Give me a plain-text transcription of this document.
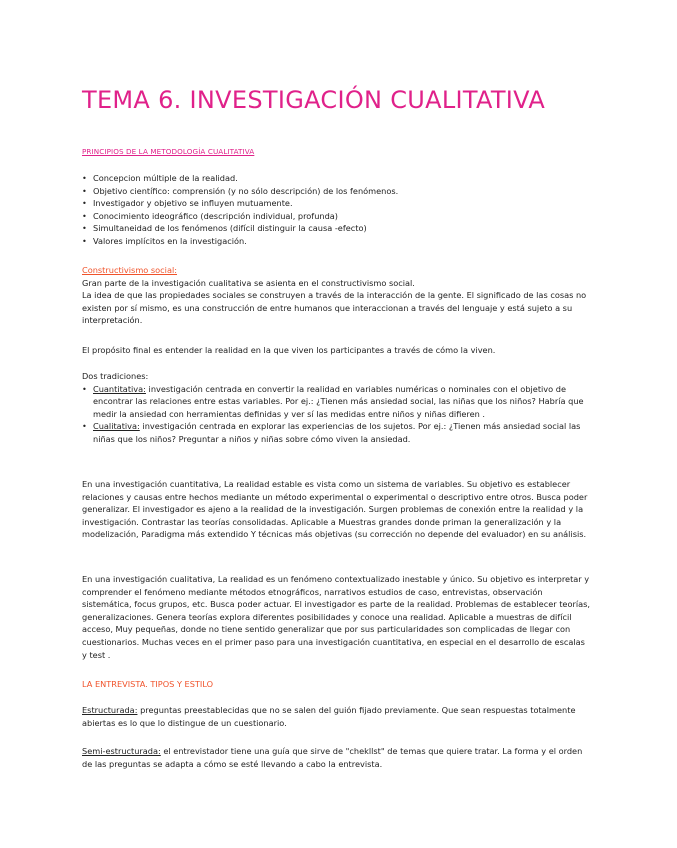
TEMA 6. INVESTIGACIÓN CUALITATIVA
PRINCIPIOS DE LA METODOLOGÍA CUALITATIVA
• Concepcion múltiple de la realidad.
• Objetivo científico: comprensión (y no sólo descripción) de los fenómenos.
• Investigador y objetivo se influyen mutuamente.
• Conocimiento ideográfico (descripción individual, profunda)
• Simultaneidad de los fenómenos (difícil distinguir la causa -efecto)
• Valores implícitos en la investigación.

Constructivismo social:

Gran parte de la investigación cualitativa se asienta en el constructivismo social.

La idea de que las propiedades sociales se construyen a través de la interacción de la gente. El significado de las cosas no existen por sí mismo, es una construcción de entre humanos que interaccionan a través del lenguaje y está sujeto a su interpretación.

El propósito final es entender la realidad en la que viven los participantes a través de cómo la viven.

Dos tradiciones:

• Cuantitativa: investigación centrada en convertir la realidad en variables numéricas o nominales con el objetivo de encontrar las relaciones entre estas variables. Por ej.: ¿Tienen más ansiedad social, las niñas que los niños? Habría que medir la ansiedad con herramientas definidas y ver sí las medidas entre niños y niñas difieren .
• Cualitativa: investigación centrada en explorar las experiencias de los sujetos. Por ej.: ¿Tienen más ansiedad social las niñas que los niños? Preguntar a niños y niñas sobre cómo viven la ansiedad.
En una investigación cuantitativa, La realidad estable es vista como un sistema de variables. Su objetivo es establecer relaciones y causas entre hechos mediante un método experimental o experimental o descriptivo entre otros. Busca poder generalizar. El investigador es ajeno a la realidad de la investigación. Surgen problemas de conexión entre la realidad y la investigación. Contrastar las teorías consolidadas. Aplicable a Muestras grandes donde priman la generalización y la modelización, Paradigma más extendido Y técnicas más objetivas (su corrección no depende del evaluador) en su análisis.
En una investigación cualitativa, La realidad es un fenómeno contextualizado inestable y único. Su objetivo es interpretar y comprender el fenómeno mediante métodos etnográficos, narrativos estudios de caso, entrevistas, observación sistemática, focus grupos, etc. Busca poder actuar. El investigador es parte de la realidad. Problemas de establecer teorías, generalizaciones. Genera teorías explora diferentes posibilidades y conoce una realidad. Aplicable a muestras de difícil acceso, Muy pequeñas, donde no tiene sentido generalizar que por sus particularidades son complicadas de llegar con cuestionarios. Muchas veces en el primer paso para una investigación cuantitativa, en especial en el desarrollo de escalas y test .

LA ENTREVISTA. TIPOS Y ESTILO

Estructurada: preguntas preestablecidas que no se salen del guión fijado previamente. Que sean respuestas totalmente abiertas es lo que lo distingue de un cuestionario.
Semi-estructurada: el entrevistador tiene una guía que sirve de "chekllst" de temas que quiere tratar. La forma y el orden de las preguntas se adapta a cómo se esté llevando a cabo la entrevista.
